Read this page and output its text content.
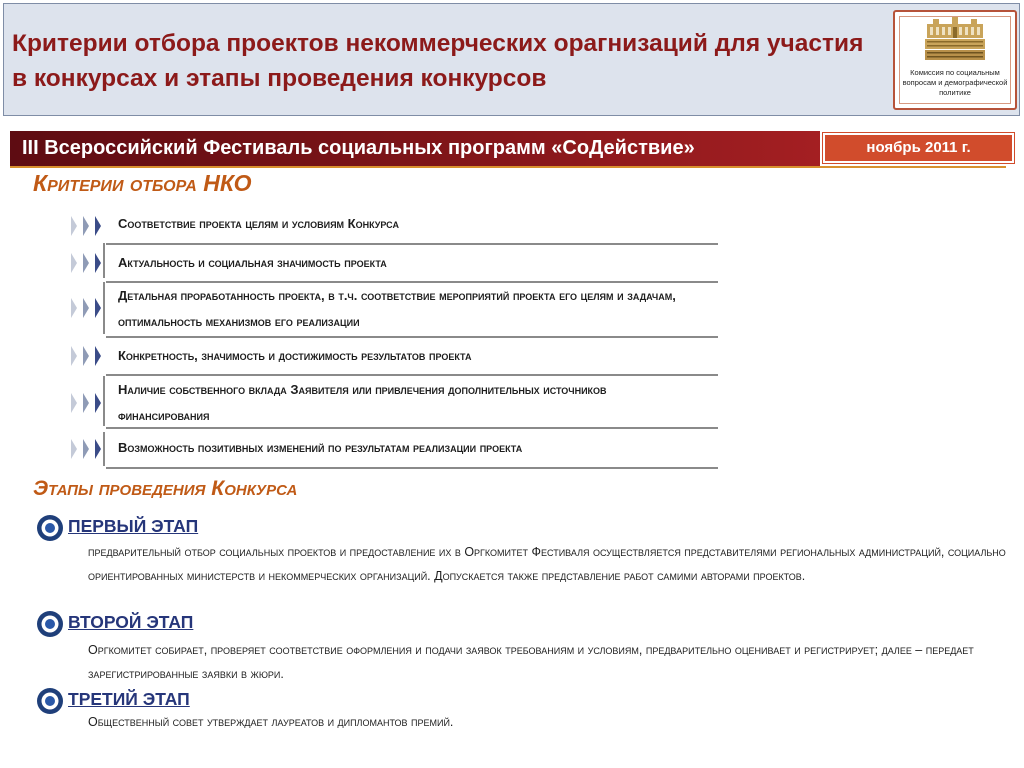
Критерии отбора проектов некоммерческих орагнизаций для участия в конкурсах и этапы проведения конкурсов	Комиссия по социальным вопросам и демографической политике
III Всероссийский Фестиваль социальных программ «СоДействие»	ноябрь 2011 г.
Критерии отбора НКО
Соответствие проекта целям и условиям Конкурса
Актуальность и социальная значимость проекта
Детальная проработанность проекта, в т.ч. соответствие мероприятий проекта его целям и задачам, оптимальность механизмов его реализации
Конкретность, значимость и достижимость результатов проекта
Наличие собственного вклада Заявителя или привлечения дополнительных источников финансирования
Возможность позитивных изменений по результатам реализации проекта
Этапы проведения Конкурса
ПЕРВЫЙ ЭТАП
предварительный отбор социальных проектов и предоставление их в Оргкомитет Фестиваля осуществляется представителями региональных администраций, социально ориентированных министерств и некоммерческих организаций. Допускается также представление работ самими авторами проектов.
ВТОРОЙ ЭТАП
Оргкомитет собирает, проверяет соответствие оформления и подачи заявок требованиям и условиям, предварительно оценивает и регистрирует; далее – передает зарегистрированные заявки в жюри.
ТРЕТИЙ ЭТАП
Общественный совет утверждает лауреатов и дипломантов премий.
